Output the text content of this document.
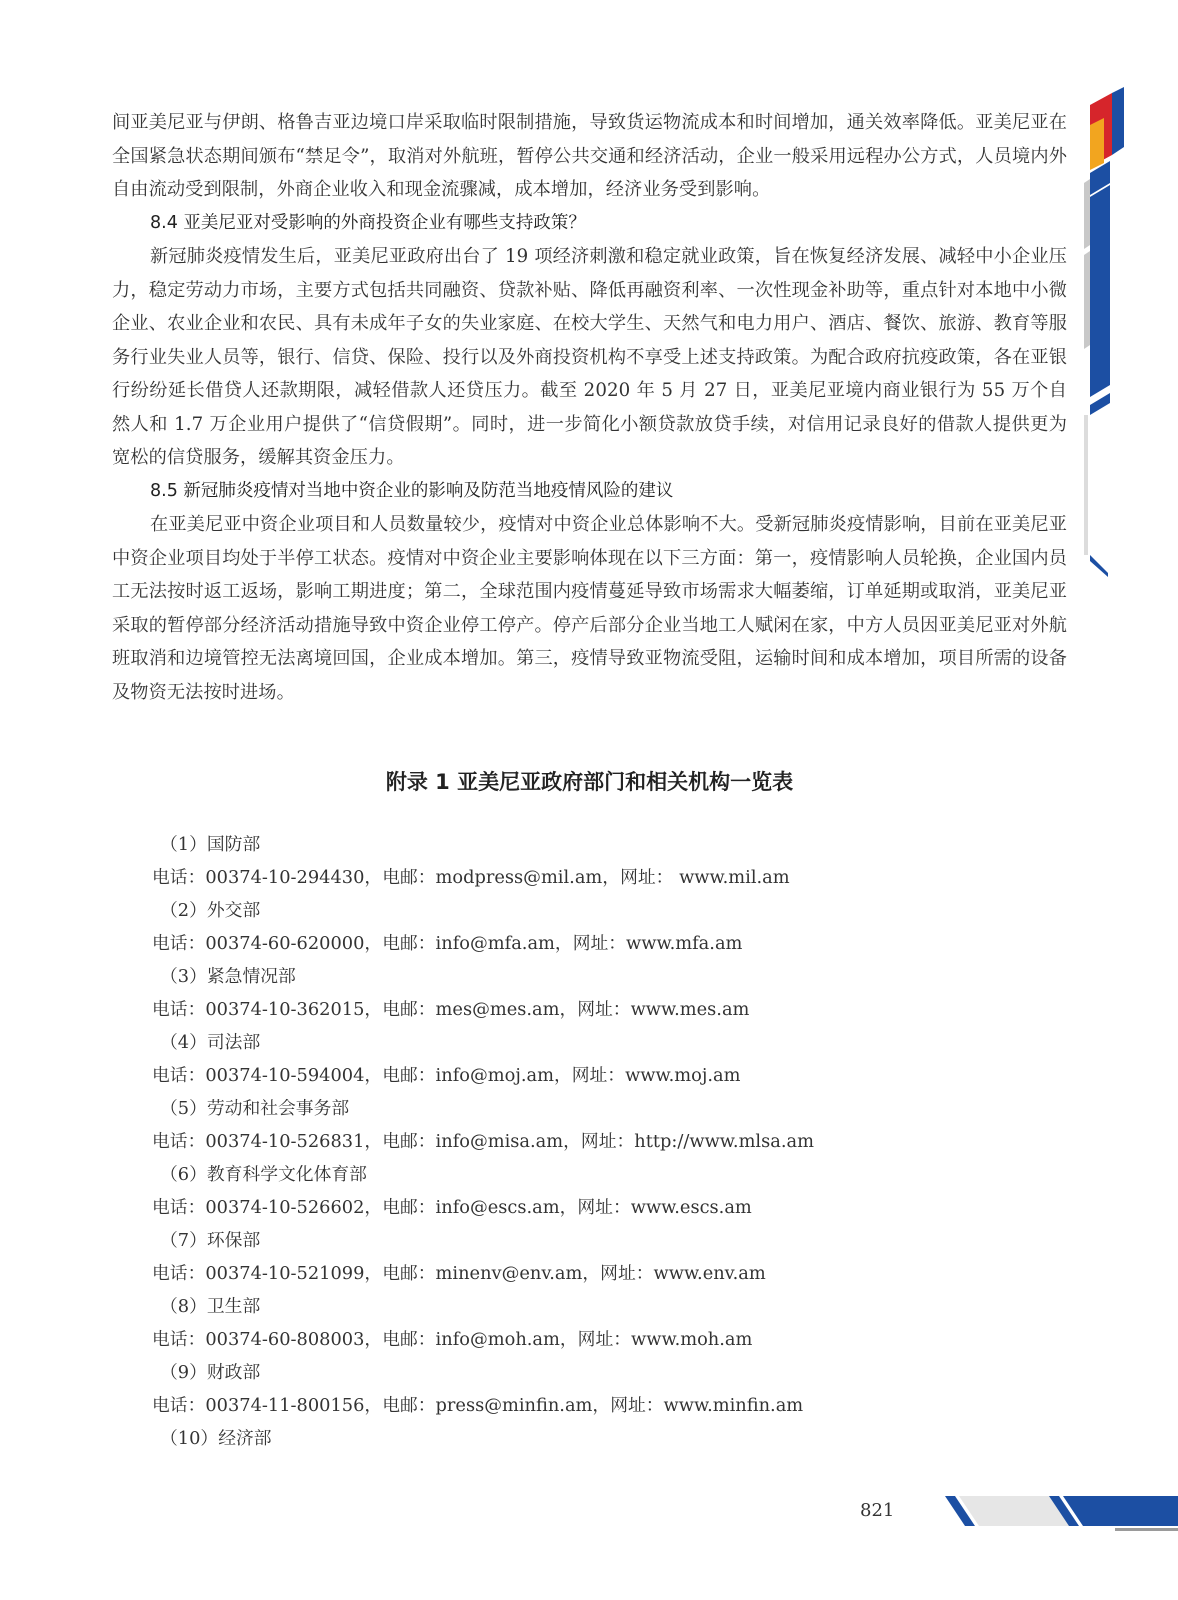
间亚美尼亚与伊朗、格鲁吉亚边境口岸采取临时限制措施，导致货运物流成本和时间增加，通关效率降低。亚美尼亚在全国紧急状态期间颁布“禁足令”，取消对外航班，暂停公共交通和经济活动，企业一般采用远程办公方式，人员境内外自由流动受到限制，外商企业收入和现金流骤减，成本增加，经济业务受到影响。

8.4 亚美尼亚对受影响的外商投资企业有哪些支持政策？

新冠肺炎疫情发生后，亚美尼亚政府出台了 19 项经济刺激和稳定就业政策，旨在恢复经济发展、减轻中小企业压力，稳定劳动力市场，主要方式包括共同融资、贷款补贴、降低再融资利率、一次性现金补助等，重点针对本地中小微企业、农业企业和农民、具有未成年子女的失业家庭、在校大学生、天然气和电力用户、酒店、餐饮、旅游、教育等服务行业失业人员等，银行、信贷、保险、投行以及外商投资机构不享受上述支持政策。为配合政府抗疫政策，各在亚银行纷纷延长借贷人还款期限，减轻借款人还贷压力。截至 2020 年 5 月 27 日，亚美尼亚境内商业银行为 55 万个自然人和 1.7 万企业用户提供了“信贷假期”。同时，进一步简化小额贷款放贷手续，对信用记录良好的借款人提供更为宽松的信贷服务，缓解其资金压力。

8.5 新冠肺炎疫情对当地中资企业的影响及防范当地疫情风险的建议

在亚美尼亚中资企业项目和人员数量较少，疫情对中资企业总体影响不大。受新冠肺炎疫情影响，目前在亚美尼亚中资企业项目均处于半停工状态。疫情对中资企业主要影响体现在以下三方面：第一，疫情影响人员轮换，企业国内员工无法按时返工返场，影响工期进度；第二，全球范围内疫情蔓延导致市场需求大幅萎缩，订单延期或取消，亚美尼亚采取的暂停部分经济活动措施导致中资企业停工停产。停产后部分企业当地工人赋闲在家，中方人员因亚美尼亚对外航班取消和边境管控无法离境回国，企业成本增加。第三，疫情导致亚物流受阻，运输时间和成本增加，项目所需的设备及物资无法按时进场。

附录 1 亚美尼亚政府部门和相关机构一览表

（1）国防部

电话：00374-10-294430，电邮：modpress@mil.am，网址： www.mil.am

（2）外交部

电话：00374-60-620000，电邮：info@mfa.am，网址：www.mfa.am

（3）紧急情况部

电话：00374-10-362015，电邮：mes@mes.am，网址：www.mes.am

（4）司法部

电话：00374-10-594004，电邮：info@moj.am，网址：www.moj.am

（5）劳动和社会事务部

电话：00374-10-526831，电邮：info@misa.am，网址：http://www.mlsa.am

（6）教育科学文化体育部

电话：00374-10-526602，电邮：info@escs.am，网址：www.escs.am

（7）环保部

电话：00374-10-521099，电邮：minenv@env.am，网址：www.env.am

（8）卫生部

电话：00374-60-808003，电邮：info@moh.am，网址：www.moh.am

（9）财政部

电话：00374-11-800156，电邮：press@minfin.am，网址：www.minfin.am

（10）经济部

821
